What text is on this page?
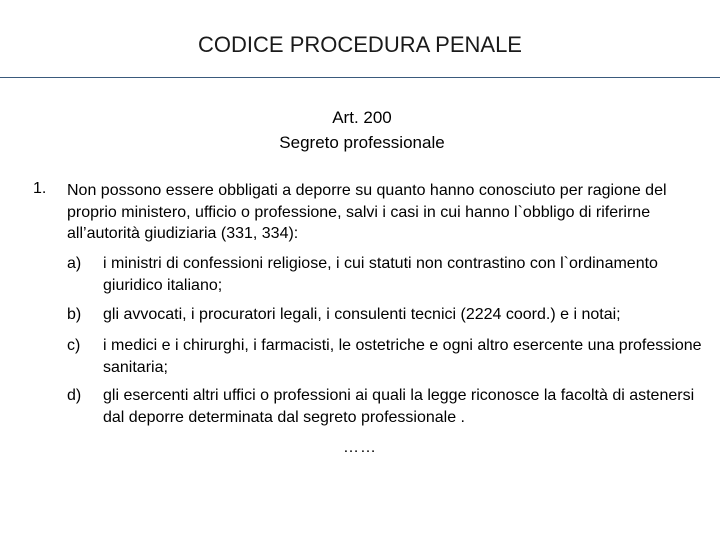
CODICE PROCEDURA PENALE
Art. 200
Segreto professionale
1. Non possono essere obbligati a deporre su quanto hanno conosciuto per ragione del proprio ministero, ufficio o professione, salvi i casi in cui hanno l`obbligo di riferirne all’autorità giudiziaria (331, 334):
a) i ministri di confessioni religiose, i cui statuti non contrastino con l`ordinamento giuridico italiano;
b) gli avvocati, i procuratori legali, i consulenti tecnici (2224 coord.) e i notai;
c) i medici e i chirurghi, i farmacisti, le ostetriche e ogni altro esercente una professione sanitaria;
d) gli esercenti altri uffici o professioni ai quali la legge riconosce la facoltà di astenersi dal deporre determinata dal segreto professionale .
……
